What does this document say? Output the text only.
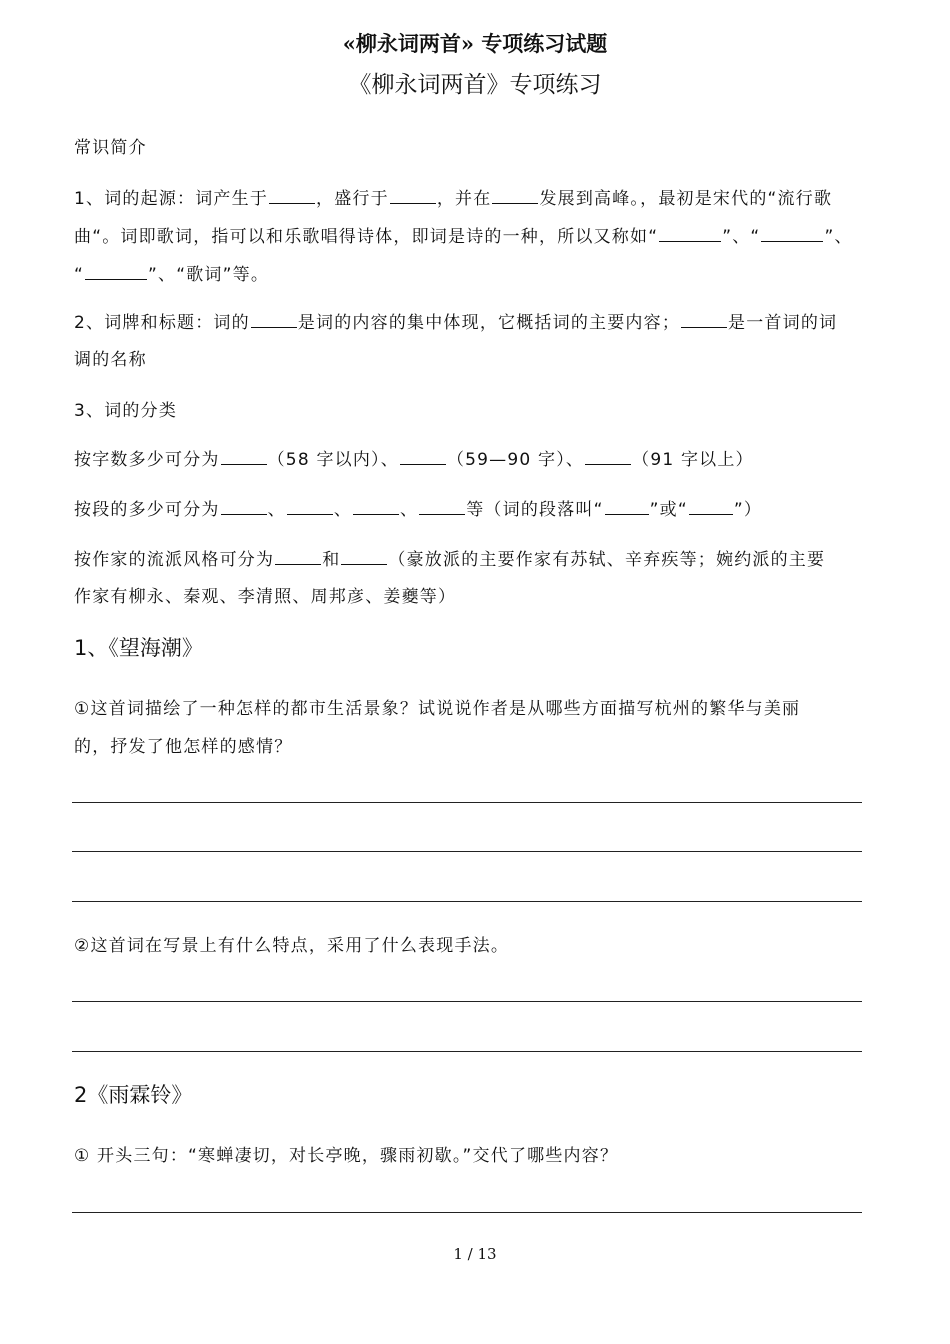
«柳永词两首» 专项练习试题
《柳永词两首》专项练习
常识简介
1、词的起源：词产生于	，盛行于	，并在	发展到高峰。，最初是宋代的“流行歌
曲“。词即歌词，指可以和乐歌唱得诗体，即词是诗的一种，所以又称如“	”、“	”、
“	”、“歌词”等。
2、词牌和标题：词的	是词的内容的集中体现，它概括词的主要内容；	是一首词的词
调的名称
3、词的分类
按字数多少可分为	（58 字以内）、	（59—90 字）、	（91 字以上）
按段的多少可分为	、	、	、	等（词的段落叫“	”或“	”）
按作家的流派风格可分为	和	（豪放派的主要作家有苏轼、辛弃疾等；婉约派的主要
作家有柳永、秦观、李清照、周邦彦、姜夔等）
1、《望海潮》
①这首词描绘了一种怎样的都市生活景象？试说说作者是从哪些方面描写杭州的繁华与美丽
的，抒发了他怎样的感情？
②这首词在写景上有什么特点，采用了什么表现手法。
2《雨霖铃》
① 开头三句：“寒蝉凄切，对长亭晚，骤雨初歇。”交代了哪些内容？
1 / 13
